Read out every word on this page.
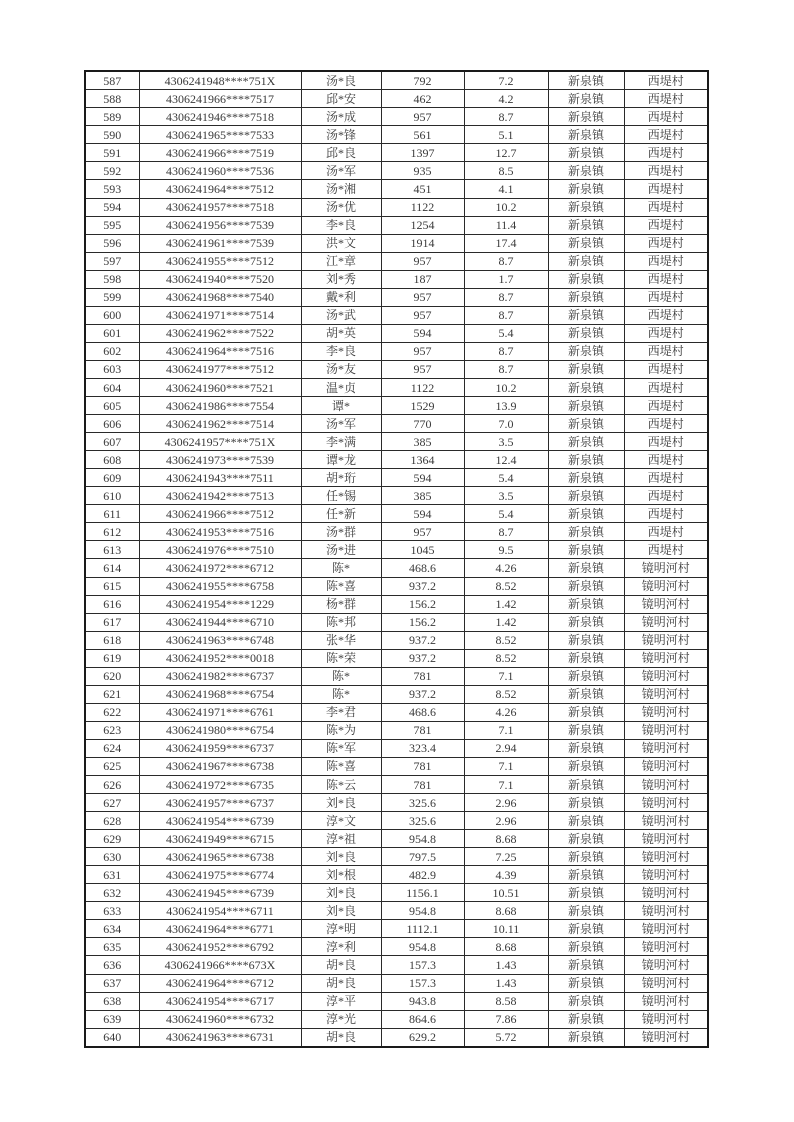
587	4306241948****751X	汤*良	792	7.2	新泉镇	西堤村
588	4306241966****7517	邱*安	462	4.2	新泉镇	西堤村
589	4306241946****7518	汤*成	957	8.7	新泉镇	西堤村
590	4306241965****7533	汤*锋	561	5.1	新泉镇	西堤村
591	4306241966****7519	邱*良	1397	12.7	新泉镇	西堤村
592	4306241960****7536	汤*军	935	8.5	新泉镇	西堤村
593	4306241964****7512	汤*湘	451	4.1	新泉镇	西堤村
594	4306241957****7518	汤*优	1122	10.2	新泉镇	西堤村
595	4306241956****7539	李*良	1254	11.4	新泉镇	西堤村
596	4306241961****7539	洪*文	1914	17.4	新泉镇	西堤村
597	4306241955****7512	江*章	957	8.7	新泉镇	西堤村
598	4306241940****7520	刘*秀	187	1.7	新泉镇	西堤村
599	4306241968****7540	戴*利	957	8.7	新泉镇	西堤村
600	4306241971****7514	汤*武	957	8.7	新泉镇	西堤村
601	4306241962****7522	胡*英	594	5.4	新泉镇	西堤村
602	4306241964****7516	李*良	957	8.7	新泉镇	西堤村
603	4306241977****7512	汤*友	957	8.7	新泉镇	西堤村
604	4306241960****7521	温*贞	1122	10.2	新泉镇	西堤村
605	4306241986****7554	谭*	1529	13.9	新泉镇	西堤村
606	4306241962****7514	汤*军	770	7.0	新泉镇	西堤村
607	4306241957****751X	李*满	385	3.5	新泉镇	西堤村
608	4306241973****7539	谭*龙	1364	12.4	新泉镇	西堤村
609	4306241943****7511	胡*珩	594	5.4	新泉镇	西堤村
610	4306241942****7513	任*锡	385	3.5	新泉镇	西堤村
611	4306241966****7512	任*新	594	5.4	新泉镇	西堤村
612	4306241953****7516	汤*群	957	8.7	新泉镇	西堤村
613	4306241976****7510	汤*进	1045	9.5	新泉镇	西堤村
614	4306241972****6712	陈*	468.6	4.26	新泉镇	镜明河村
615	4306241955****6758	陈*喜	937.2	8.52	新泉镇	镜明河村
616	4306241954****1229	杨*群	156.2	1.42	新泉镇	镜明河村
617	4306241944****6710	陈*邦	156.2	1.42	新泉镇	镜明河村
618	4306241963****6748	张*华	937.2	8.52	新泉镇	镜明河村
619	4306241952****0018	陈*荣	937.2	8.52	新泉镇	镜明河村
620	4306241982****6737	陈*	781	7.1	新泉镇	镜明河村
621	4306241968****6754	陈*	937.2	8.52	新泉镇	镜明河村
622	4306241971****6761	李*君	468.6	4.26	新泉镇	镜明河村
623	4306241980****6754	陈*为	781	7.1	新泉镇	镜明河村
624	4306241959****6737	陈*军	323.4	2.94	新泉镇	镜明河村
625	4306241967****6738	陈*喜	781	7.1	新泉镇	镜明河村
626	4306241972****6735	陈*云	781	7.1	新泉镇	镜明河村
627	4306241957****6737	刘*良	325.6	2.96	新泉镇	镜明河村
628	4306241954****6739	淳*文	325.6	2.96	新泉镇	镜明河村
629	4306241949****6715	淳*祖	954.8	8.68	新泉镇	镜明河村
630	4306241965****6738	刘*良	797.5	7.25	新泉镇	镜明河村
631	4306241975****6774	刘*根	482.9	4.39	新泉镇	镜明河村
632	4306241945****6739	刘*良	1156.1	10.51	新泉镇	镜明河村
633	4306241954****6711	刘*良	954.8	8.68	新泉镇	镜明河村
634	4306241964****6771	淳*明	1112.1	10.11	新泉镇	镜明河村
635	4306241952****6792	淳*利	954.8	8.68	新泉镇	镜明河村
636	4306241966****673X	胡*良	157.3	1.43	新泉镇	镜明河村
637	4306241964****6712	胡*良	157.3	1.43	新泉镇	镜明河村
638	4306241954****6717	淳*平	943.8	8.58	新泉镇	镜明河村
639	4306241960****6732	淳*光	864.6	7.86	新泉镇	镜明河村
640	4306241963****6731	胡*良	629.2	5.72	新泉镇	镜明河村
